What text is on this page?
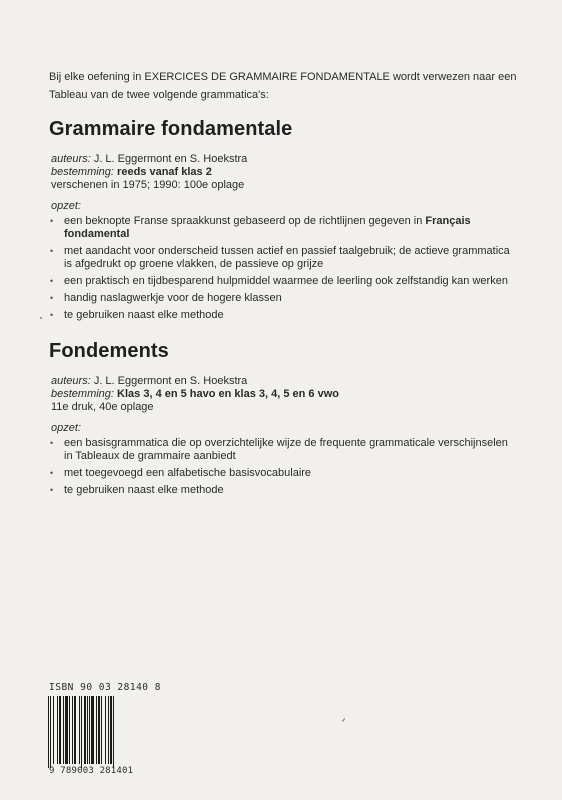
Bij elke oefening in EXERCICES DE GRAMMAIRE FONDAMENTALE wordt verwezen naar een Tableau van de twee volgende grammatica's:
Grammaire fondamentale
auteurs: J. L. Eggermont en S. Hoekstra
bestemming: reeds vanaf klas 2
verschenen in 1975; 1990: 100e oplage
opzet:
• een beknopte Franse spraakkunst gebaseerd op de richtlijnen gegeven in Français fondamental
• met aandacht voor onderscheid tussen actief en passief taalgebruik; de actieve grammatica is afgedrukt op groene vlakken, de passieve op grijze
• een praktisch en tijdbesparend hulpmiddel waarmee de leerling ook zelfstandig kan werken
• handig naslagwerkje voor de hogere klassen
• te gebruiken naast elke methode
Fondements
auteurs: J. L. Eggermont en S. Hoekstra
bestemming: Klas 3, 4 en 5 havo en klas 3, 4, 5 en 6 vwo
11e druk, 40e oplage
opzet:
• een basisgrammatica die op overzichtelijke wijze de frequente grammaticale verschijnselen in Tableaux de grammaire aanbiedt
• met toegevoegd een alfabetische basisvocabulaire
• te gebruiken naast elke methode
ISBN 90 03 28140 8
9 789003 281401
